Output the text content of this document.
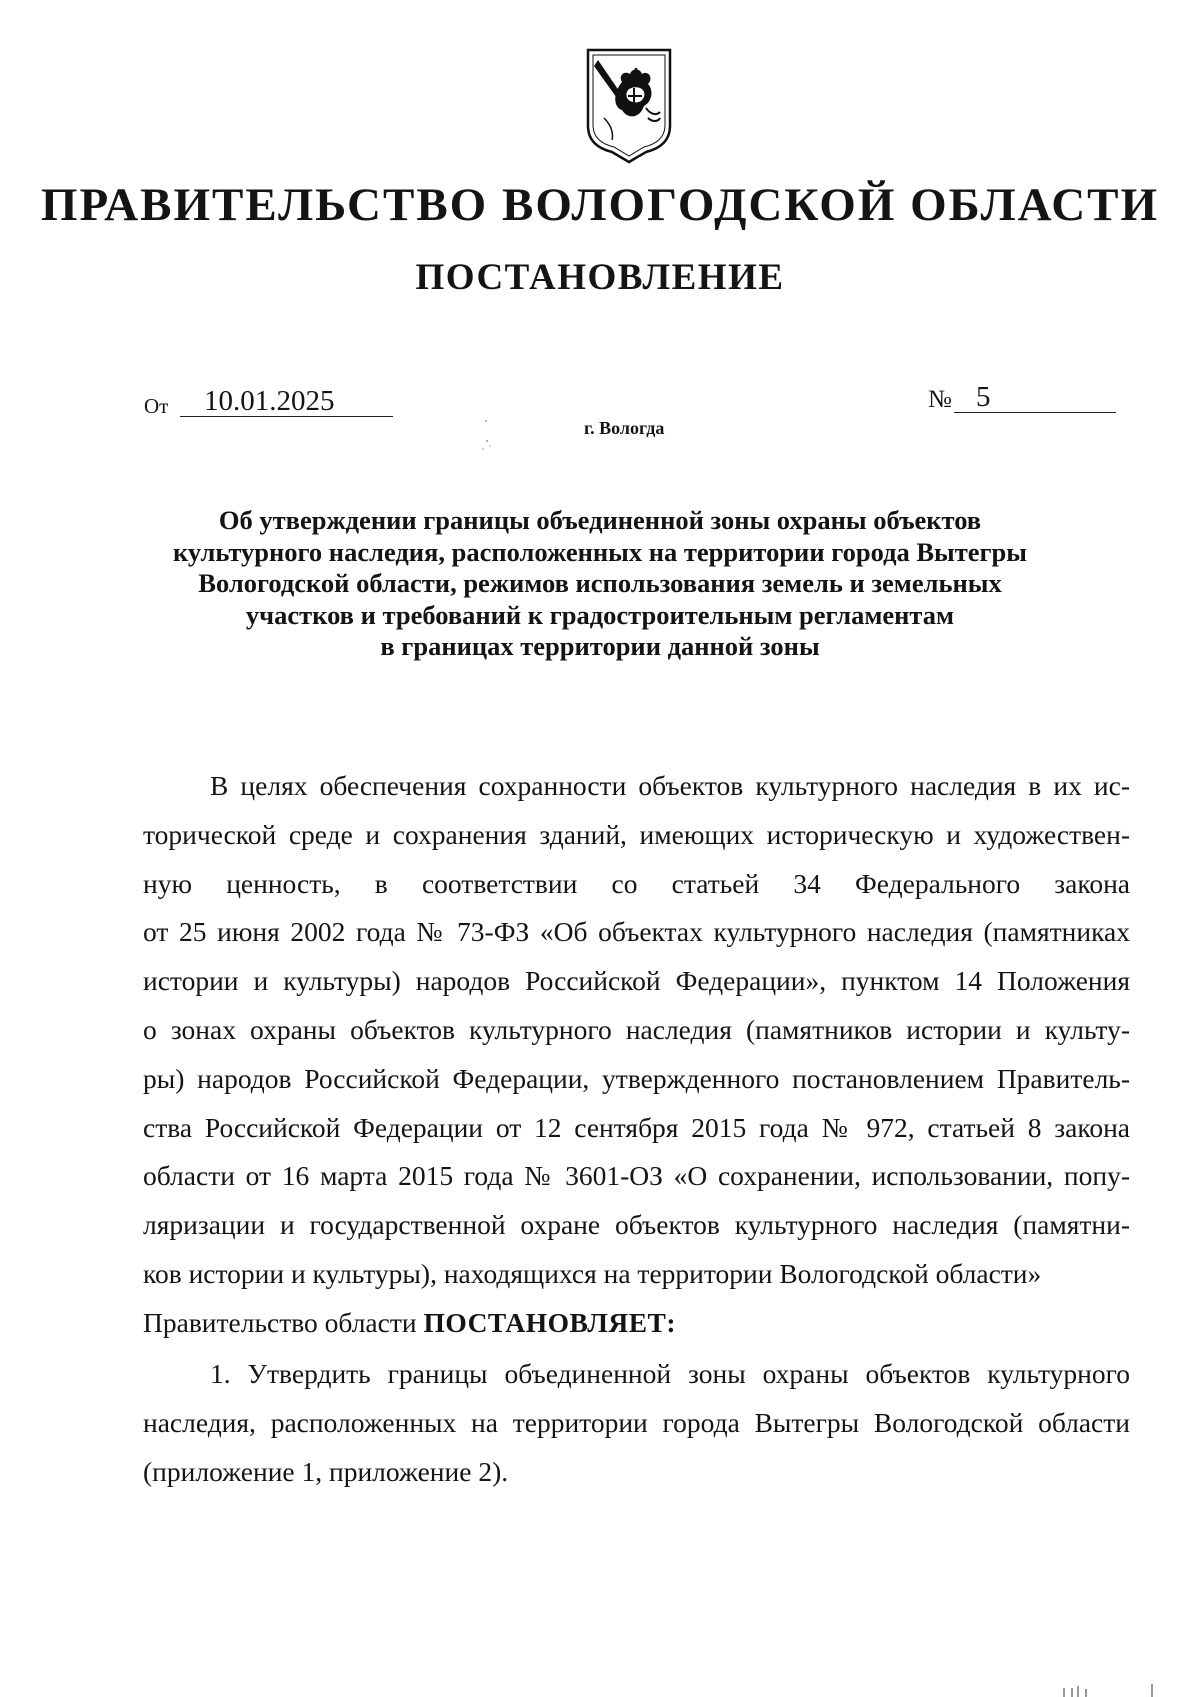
ПРАВИТЕЛЬСТВО ВОЛОГОДСКОЙ ОБЛАСТИ
ПОСТАНОВЛЕНИЕ
От	10.01.2025	№ 5
г. Вологда
Об утверждении границы объединенной зоны охраны объектов
культурного наследия, расположенных на территории города Вытегры
Вологодской области, режимов использования земель и земельных
участков и требований к градостроительным регламентам
в границах территории данной зоны
В целях обеспечения сохранности объектов культурного наследия в их ис-
торической среде и сохранения зданий, имеющих историческую и художествен-
ную ценность, в соответствии со статьей 34 Федерального закона
от 25 июня 2002 года № 73-ФЗ «Об объектах культурного наследия (памятниках
истории и культуры) народов Российской Федерации», пунктом 14 Положения
о зонах охраны объектов культурного наследия (памятников истории и культу-
ры) народов Российской Федерации, утвержденного постановлением Правитель-
ства Российской Федерации от 12 сентября 2015 года № 972, статьей 8 закона
области от 16 марта 2015 года № 3601-ОЗ «О сохранении, использовании, попу-
ляризации и государственной охране объектов культурного наследия (памятни-
ков истории и культуры), находящихся на территории Вологодской области»
Правительство области ПОСТАНОВЛЯЕТ:
1. Утвердить границы объединенной зоны охраны объектов культурного
наследия, расположенных на территории города Вытегры Вологодской области
(приложение 1, приложение 2).
